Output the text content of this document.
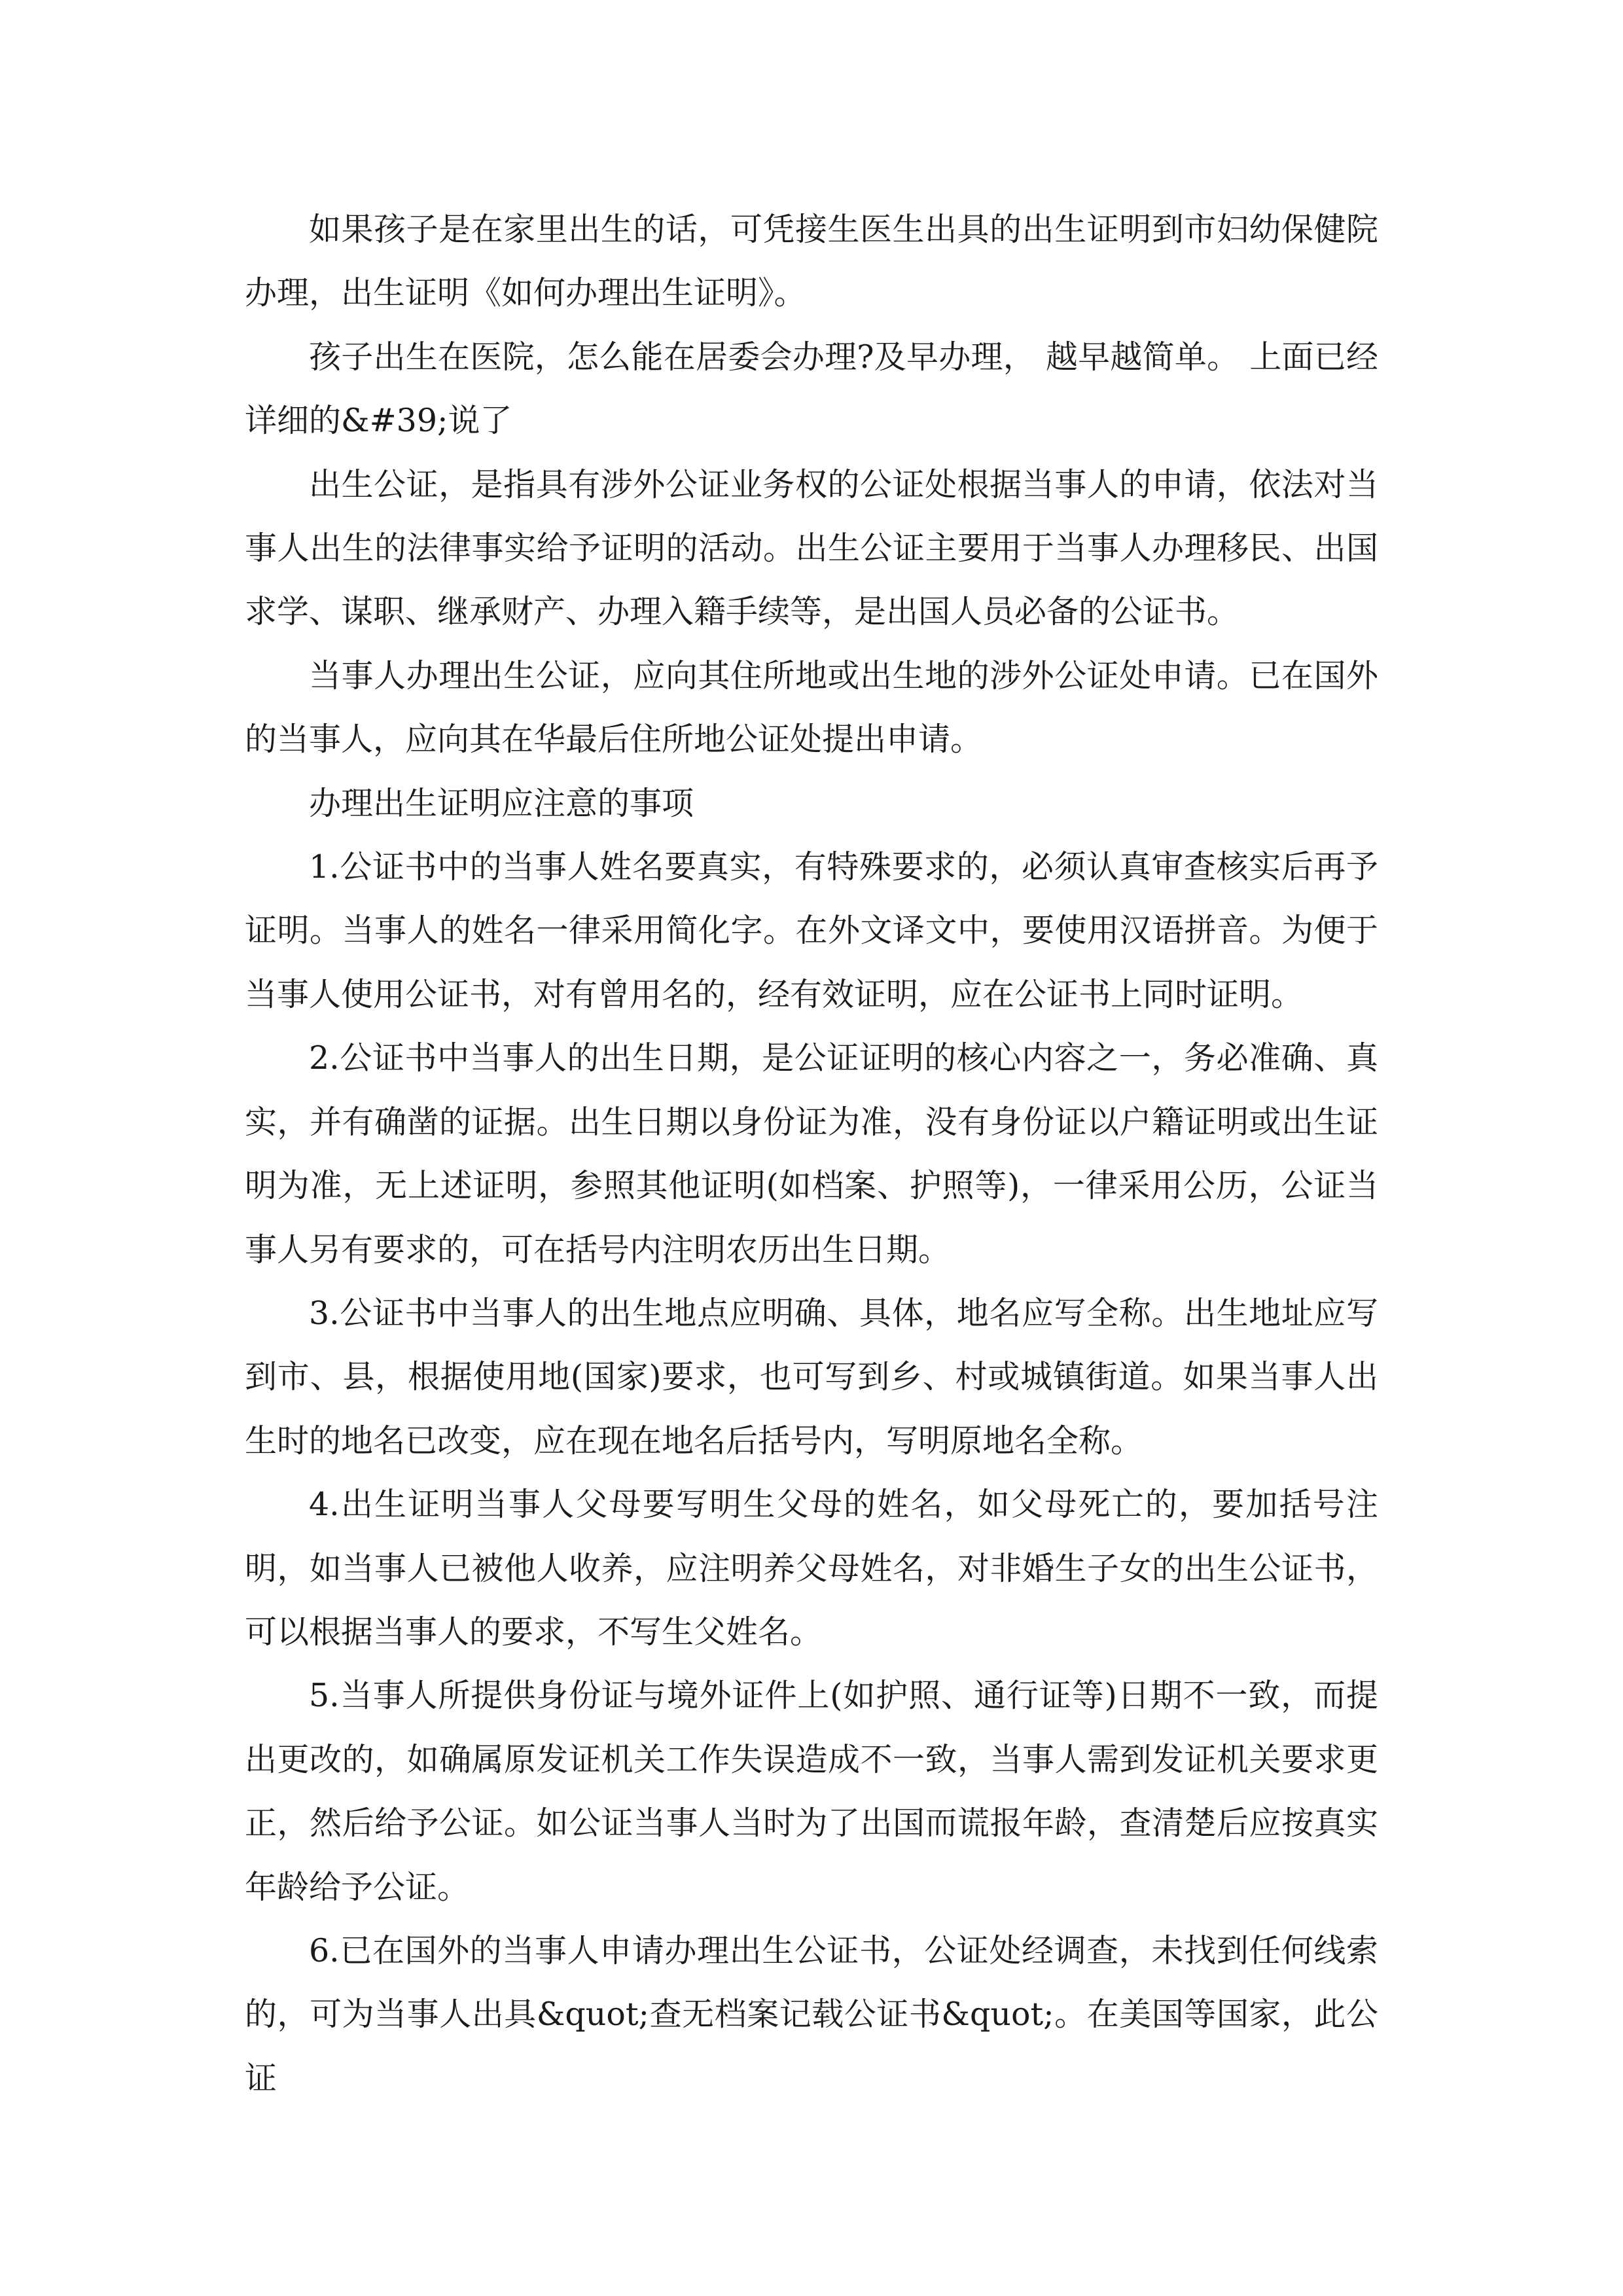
如果孩子是在家里出生的话，可凭接生医生出具的出生证明到市妇幼保健院办理，出生证明《如何办理出生证明》。

孩子出生在医院，怎么能在居委会办理?及早办理， 越早越简单。 上面已经详细的&#39;说了

出生公证，是指具有涉外公证业务权的公证处根据当事人的申请，依法对当事人出生的法律事实给予证明的活动。出生公证主要用于当事人办理移民、出国求学、谋职、继承财产、办理入籍手续等，是出国人员必备的公证书。

当事人办理出生公证，应向其住所地或出生地的涉外公证处申请。已在国外的当事人，应向其在华最后住所地公证处提出申请。

办理出生证明应注意的事项

1.公证书中的当事人姓名要真实，有特殊要求的，必须认真审查核实后再予证明。当事人的姓名一律采用简化字。在外文译文中，要使用汉语拼音。为便于当事人使用公证书，对有曾用名的，经有效证明，应在公证书上同时证明。

2.公证书中当事人的出生日期，是公证证明的核心内容之一，务必准确、真实，并有确凿的证据。出生日期以身份证为准，没有身份证以户籍证明或出生证明为准，无上述证明，参照其他证明(如档案、护照等)，一律采用公历，公证当事人另有要求的，可在括号内注明农历出生日期。

3.公证书中当事人的出生地点应明确、具体，地名应写全称。出生地址应写到市、县，根据使用地(国家)要求，也可写到乡、村或城镇街道。如果当事人出生时的地名已改变，应在现在地名后括号内，写明原地名全称。

4.出生证明当事人父母要写明生父母的姓名，如父母死亡的，要加括号注明，如当事人已被他人收养，应注明养父母姓名，对非婚生子女的出生公证书，可以根据当事人的要求，不写生父姓名。

5.当事人所提供身份证与境外证件上(如护照、通行证等)日期不一致，而提出更改的，如确属原发证机关工作失误造成不一致，当事人需到发证机关要求更正，然后给予公证。如公证当事人当时为了出国而谎报年龄，查清楚后应按真实年龄给予公证。

6.已在国外的当事人申请办理出生公证书，公证处经调查，未找到任何线索的，可为当事人出具&quot;查无档案记载公证书&quot;。在美国等国家，此公证
